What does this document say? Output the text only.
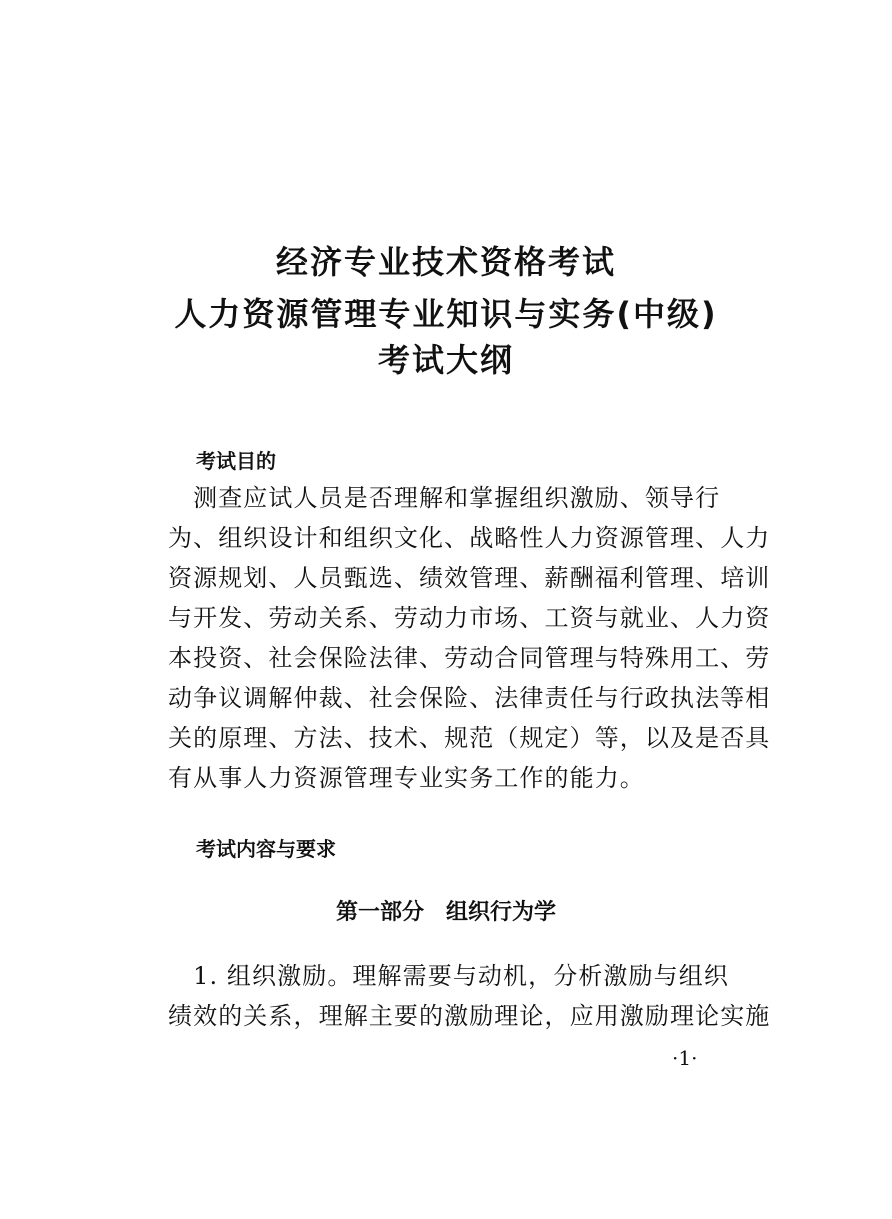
经济专业技术资格考试
人力资源管理专业知识与实务(中级)
考试大纲
考试目的
　测查应试人员是否理解和掌握组织激励、领导行
为、组织设计和组织文化、战略性人力资源管理、人力
资源规划、人员甄选、绩效管理、薪酬福利管理、培训
与开发、劳动关系、劳动力市场、工资与就业、人力资
本投资、社会保险法律、劳动合同管理与特殊用工、劳
动争议调解仲裁、社会保险、法律责任与行政执法等相
关的原理、方法、技术、规范（规定）等，以及是否具
有从事人力资源管理专业实务工作的能力。
考试内容与要求
第一部分 组织行为学
　1. 组织激励。理解需要与动机，分析激励与组织
绩效的关系，理解主要的激励理论，应用激励理论实施
·1·
